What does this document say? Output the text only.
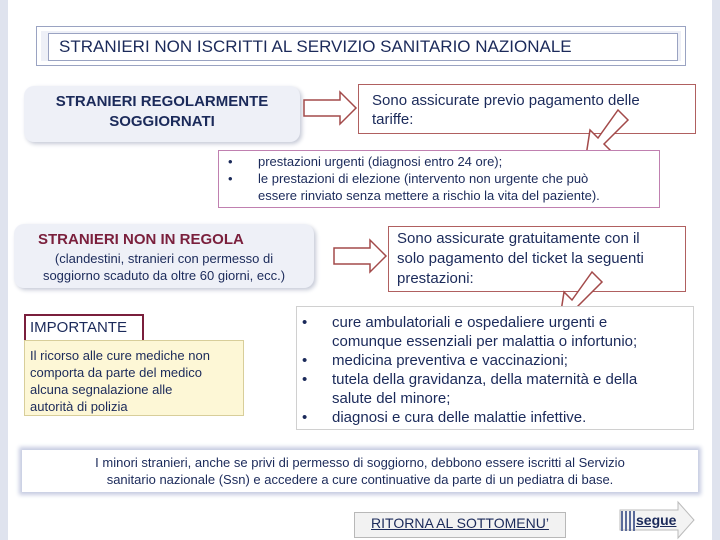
STRANIERI NON ISCRITTI AL SERVIZIO SANITARIO NAZIONALE
STRANIERI REGOLARMENTE
SOGGIORNATI
Sono assicurate previo pagamento delle
tariffe:
•	prestazioni urgenti (diagnosi entro 24 ore);
•	le prestazioni di elezione (intervento non urgente che può
essere rinviato senza mettere a rischio la vita del paziente).
STRANIERI NON IN REGOLA
(clandestini, stranieri con permesso di
soggiorno scaduto da oltre 60 giorni, ecc.)
Sono assicurate gratuitamente con il
solo pagamento del ticket la seguenti
prestazioni:
IMPORTANTE
Il ricorso alle cure mediche non
comporta da parte del medico
alcuna segnalazione alle
autorità di polizia
•	cure ambulatoriali e ospedaliere urgenti e
comunque essenziali per malattia o infortunio;
•	medicina preventiva e vaccinazioni;
•	tutela della gravidanza, della maternità e della
salute del minore;
•	diagnosi e cura delle malattie infettive.
I minori stranieri, anche se privi di permesso di soggiorno, debbono essere iscritti al Servizio
sanitario nazionale (Ssn) e accedere a cure continuative da parte di un pediatra di base.
RITORNA AL SOTTOMENU’	segue
